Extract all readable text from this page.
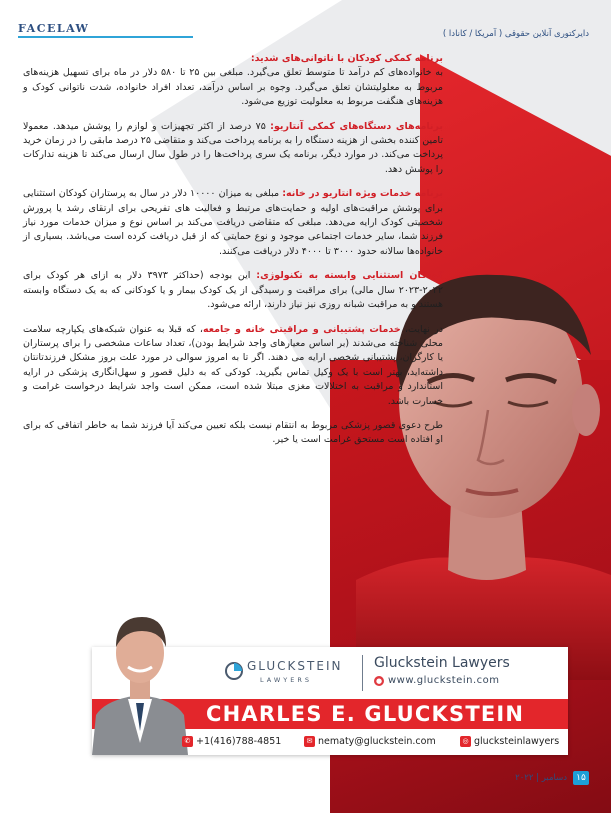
FACELAW	دایرکتوری آنلاین حقوقی ( آمریکا / کانادا )

برنامه کمکی کودکان با ناتوانی‌های شدید:
به خانواده‌های کم درآمد تا متوسط تعلق می‌گیرد. مبلغی بین ۲۵ تا ۵۸۰ دلار در ماه برای تسهیل هزینه‌های مربوط به معلولیتشان تعلق می‌گیرد. وجوه بر اساس درآمد، تعداد افراد خانواده، شدت ناتوانی کودک و هزینه‌های هنگفت مربوط به معلولیت توزیع می‌شود.

برنامه‌های دستگاه‌های کمکی آنتاریو: ۷۵ درصد از اکثر تجهیزات و لوازم را پوشش میدهد. معمولا تامین کننده بخشی از هزینه دستگاه را به برنامه پرداخت می‌کند و متقاضی ۲۵ درصد مابقی را در زمان خرید پرداخت می‌کند. در موارد دیگر، برنامه یک سری پرداخت‌ها را در طول سال ارسال می‌کند تا هزینه تدارکات را پوشش دهد.

برنامه خدمات ویژه انتاریو در خانه: مبلغی به میزان ۱۰۰۰۰ دلار در سال به پرستاران کودکان استثنایی برای پوشش مراقبت‌های اولیه و حمایت‌های مرتبط و فعالیت های تفریحی برای ارتقای رشد یا پرورش شخصیتی کودک ارایه می‌دهد. مبلغی که متقاضی دریافت می‌کند بر اساس نوع و میزان خدمات مورد نیاز فرزند شما، سایر خدمات اجتماعی موجود و نوع حمایتی که از قبل دریافت کرده است می‌باشد. بسیاری از خانواده‌ها سالانه حدود ۳۰۰۰ تا ۴۰۰۰ دلار دریافت می‌کنند.

کودکان استثنایی وابسته به تکنولوژی: این بودجه (حداکثر ۳۹۷۳ دلار به ازای هر کودک برای ۲۰۲۲-۲۰۲۳ سال مالی) برای مراقبت و رسیدگی از یک کودک بیمار و یا کودکانی که به یک دستگاه وابسته هستند و به مراقبت شبانه روزی نیز نیاز دارند، ارائه می‌شود.

در نهایت، خدمات پشتیبانی و مراقبتی خانه و جامعه، که قبلا به عنوان شبکه‌های یکپارچه سلامت محلی شناخته می‌شدند (بر اساس معیارهای واجد شرایط بودن)، تعداد ساعات مشخصی را برای پرستاران یا کارگران، پشتیبانی شخصی ارایه می دهند. اگر تا به امروز سوالی در مورد علت بروز مشکل فرزندتانتان داشته‌اید، بهتر است با یک وکیل تماس بگیرید. کودکی که به دلیل قصور و سهل‌انگاری پزشکی در ارایه استاندارد و مراقبت به اختلالات مغزی مبتلا شده است، ممکن است واجد شرایط درخواست غرامت و خسارت باشد.

طرح دعوی قصور پزشکی مربوط به انتقام نیست بلکه تعیین می‌کند آیا فرزند شما به خاطر اتفاقی که برای او افتاده است مستحق غرامت است یا خیر.

GLUCKSTEIN
LAWYERS
Gluckstein Lawyers
● www.gluckstein.com
CHARLES E. GLUCKSTEIN
✆ +1(416)788-4851	✉ nematy@gluckstein.com	◎ glucksteinlawyers
۱۵
دسامبر | ۲۰۲۲
